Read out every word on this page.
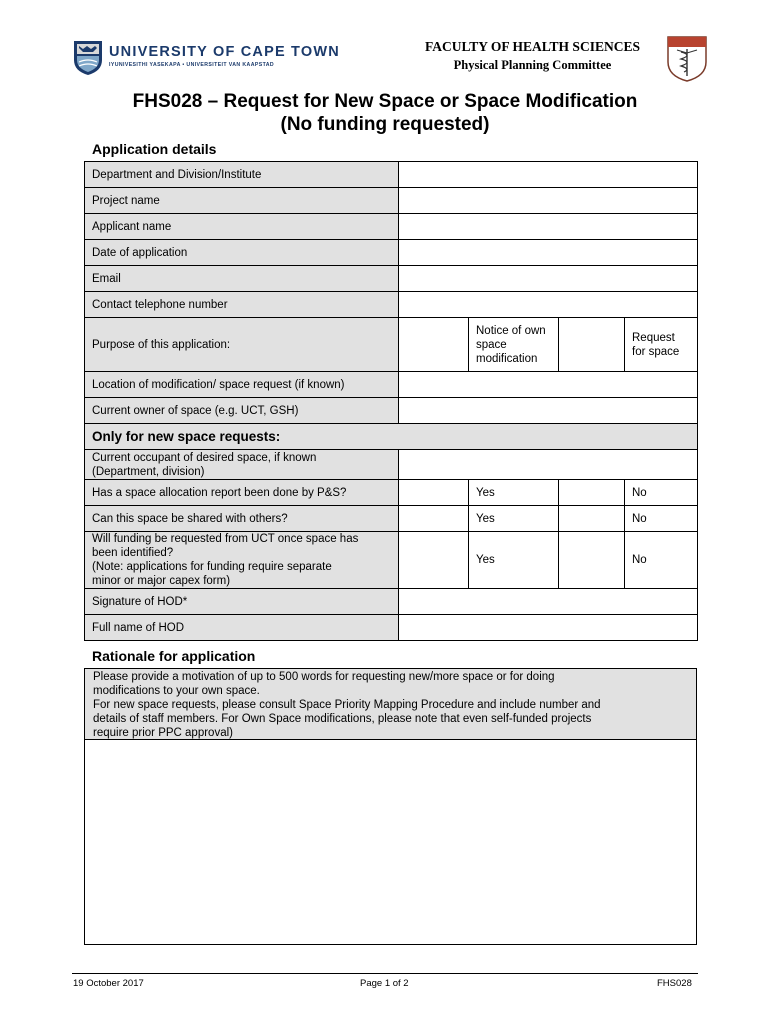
UNIVERSITY OF CAPE TOWN
IYUNIVESITHI YASEKAPA • UNIVERSITEIT VAN KAAPSTAD
FACULTY OF HEALTH SCIENCES
Physical Planning Committee
FHS028 – Request for New Space or Space Modification
(No funding requested)
Application details
Department and Division/Institute				
Project name				
Applicant name				
Date of application				
Email				
Contact telephone number				
Purpose of this application:		Notice of own space modification		Request for space
Location of modification/ space request (if known)				
Current owner of space (e.g. UCT, GSH)				
Only for new space requests:				

Current occupant of desired space, if known
(Department, division)				

Has a space allocation report been done by P&S?		Yes		No
Can this space be shared with others?		Yes		No

Will funding be requested from UCT once space has
been identified?
(Note: applications for funding require separate
minor or major capex form)		Yes		No
Signature of HOD*				
Full name of HOD				
Rationale for application
Please provide a motivation of up to 500 words for requesting new/more space or for doing
modifications to your own space.
For new space requests, please consult Space Priority Mapping Procedure and include number and
details of staff members. For Own Space modifications, please note that even self-funded projects
require prior PPC approval)
19 October 2017	Page 1 of 2	FHS028
